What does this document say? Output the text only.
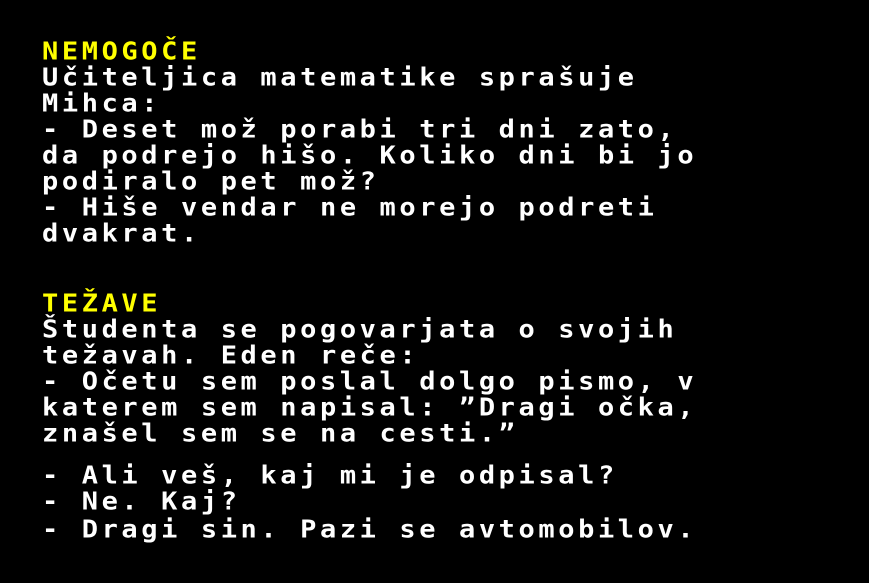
NEMOGOČE
Učiteljica matematike sprašuje
Mihca:
- Deset mož porabi tri dni zato,
da podrejo hišo. Koliko dni bi jo
podiralo pet mož?
- Hiše vendar ne morejo podreti
dvakrat.
TEŽAVE
Študenta se pogovarjata o svojih
težavah. Eden reče:
- Očetu sem poslal dolgo pismo, v
katerem sem napisal: ”Dragi očka,
znašel sem se na cesti.”
- Ali veš, kaj mi je odpisal?
- Ne. Kaj?
- Dragi sin. Pazi se avtomobilov.
